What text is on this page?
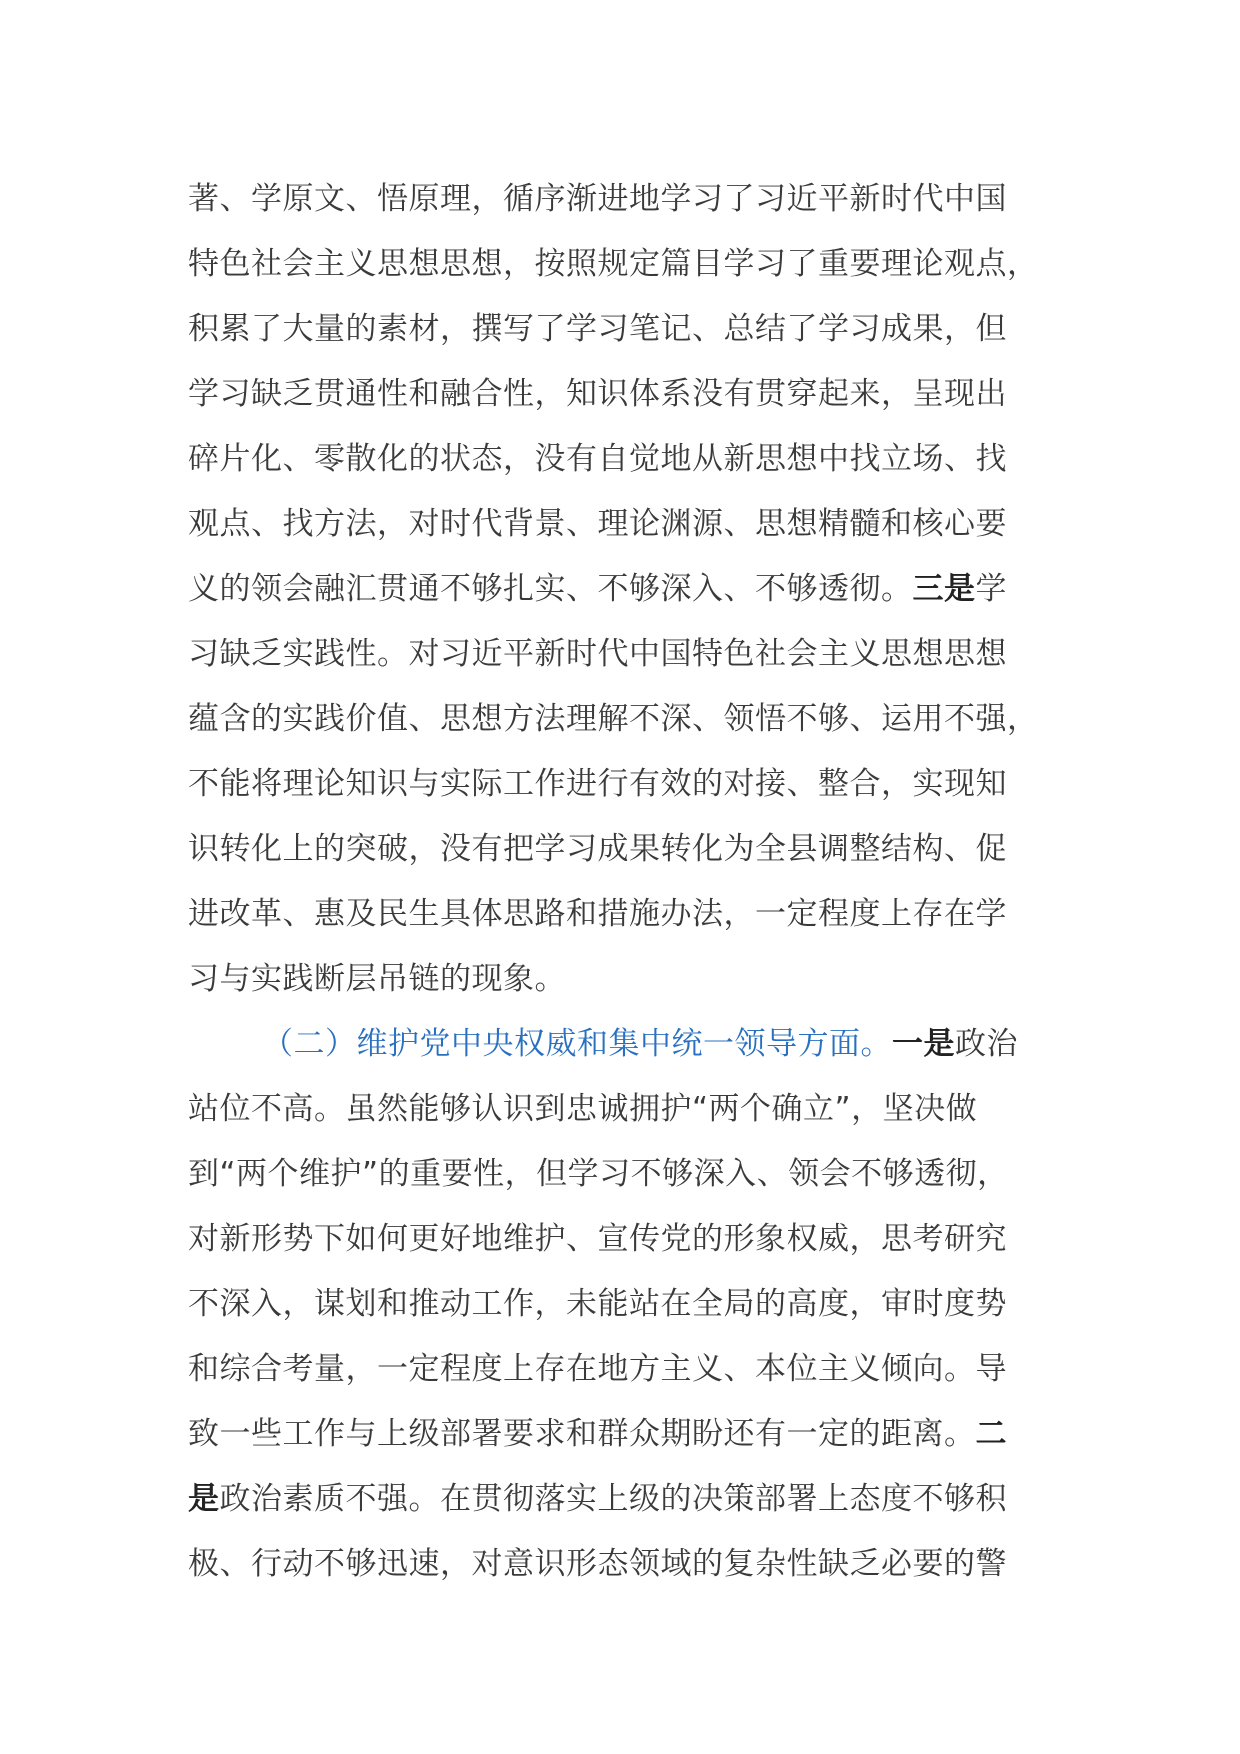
著、学原文、悟原理，循序渐进地学习了习近平新时代中国
特色社会主义思想思想，按照规定篇目学习了重要理论观点，
积累了大量的素材，撰写了学习笔记、总结了学习成果，但
学习缺乏贯通性和融合性，知识体系没有贯穿起来，呈现出
碎片化、零散化的状态，没有自觉地从新思想中找立场、找
观点、找方法，对时代背景、理论渊源、思想精髓和核心要
义的领会融汇贯通不够扎实、不够深入、不够透彻。三是学
习缺乏实践性。对习近平新时代中国特色社会主义思想思想
蕴含的实践价值、思想方法理解不深、领悟不够、运用不强，
不能将理论知识与实际工作进行有效的对接、整合，实现知
识转化上的突破，没有把学习成果转化为全县调整结构、促
进改革、惠及民生具体思路和措施办法，一定程度上存在学
习与实践断层吊链的现象。
（二）维护党中央权威和集中统一领导方面。一是政治
站位不高。虽然能够认识到忠诚拥护“两个确立”，坚决做
到“两个维护”的重要性，但学习不够深入、领会不够透彻，
对新形势下如何更好地维护、宣传党的形象权威，思考研究
不深入，谋划和推动工作，未能站在全局的高度，审时度势
和综合考量，一定程度上存在地方主义、本位主义倾向。导
致一些工作与上级部署要求和群众期盼还有一定的距离。二
是政治素质不强。在贯彻落实上级的决策部署上态度不够积
极、行动不够迅速，对意识形态领域的复杂性缺乏必要的警
